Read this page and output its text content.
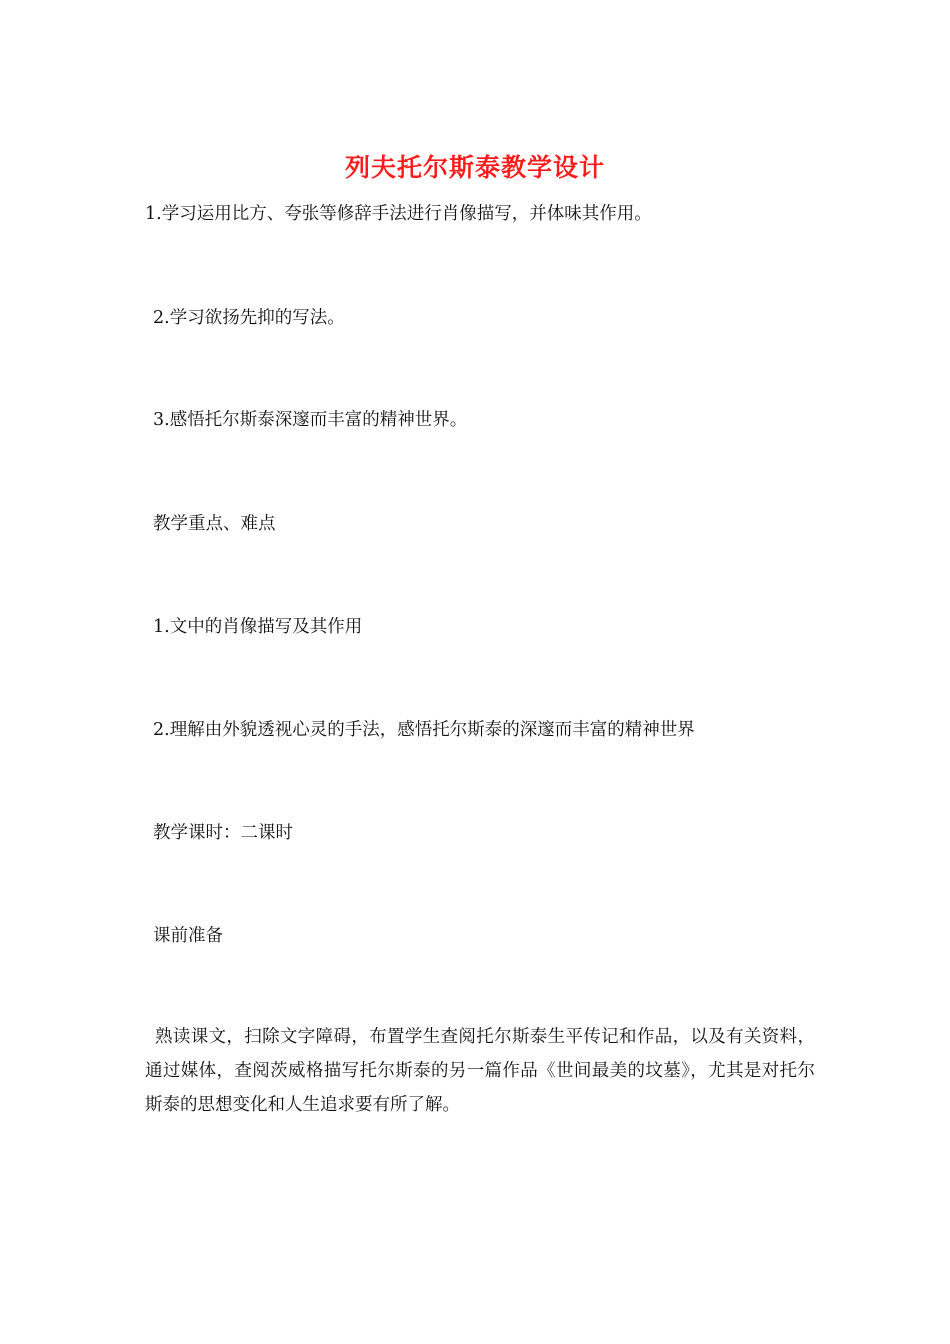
列夫托尔斯泰教学设计
1.学习运用比方、夸张等修辞手法进行肖像描写，并体味其作用。
2.学习欲扬先抑的写法。
3.感悟托尔斯泰深邃而丰富的精神世界。
教学重点、难点
1.文中的肖像描写及其作用
2.理解由外貌透视心灵的手法，感悟托尔斯泰的深邃而丰富的精神世界
教学课时：二课时
课前准备
熟读课文，扫除文字障碍，布置学生查阅托尔斯泰生平传记和作品，以及有关资料，通过媒体，查阅茨威格描写托尔斯泰的另一篇作品《世间最美的坟墓》，尤其是对托尔斯泰的思想变化和人生追求要有所了解。
